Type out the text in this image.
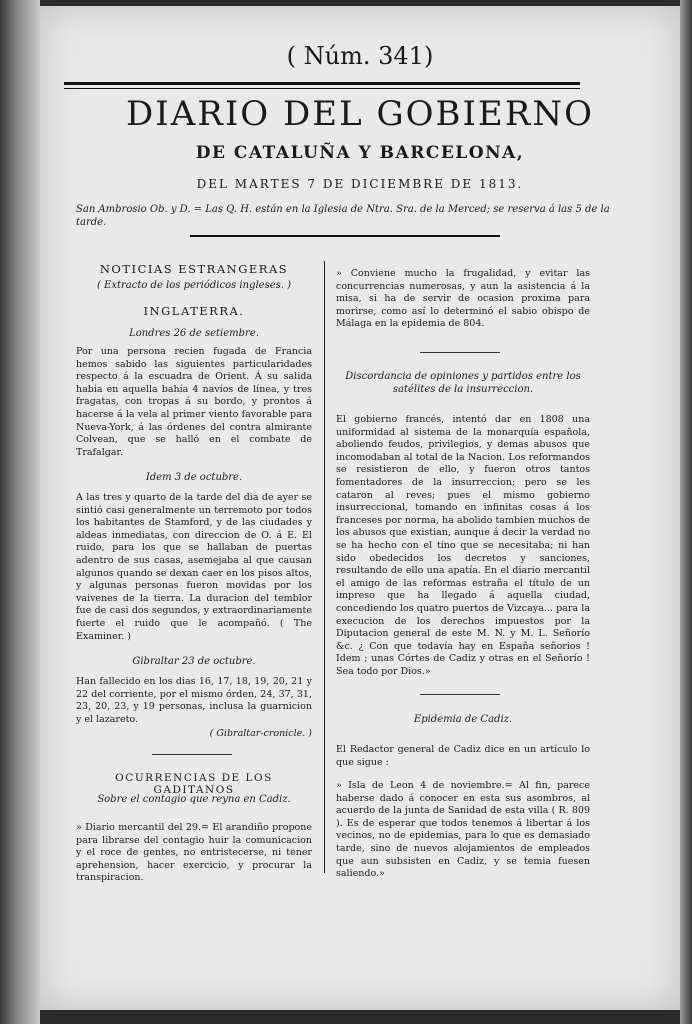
( Núm. 341)
DIARIO DEL GOBIERNO
DE CATALUÑA Y BARCELONA,
DEL MARTES 7 DE DICIEMBRE DE 1813.
San Ambrosio Ob. y D. = Las Q. H. están en la Iglesia de Ntra. Sra. de la Merced; se reserva á las 5 de la tarde.
NOTICIAS ESTRANGERAS
( Extracto de los periódicos ingleses. )
INGLATERRA.
Londres 26 de setiembre.
Por una persona recien fugada de Francia hemos sabido las siguientes particularidades respecto á la escuadra de Orient. Á su salida habia en aquella bahía 4 navíos de línea, y tres fragatas, con tropas á su bordo, y prontos á hacerse á la vela al primer viento favorable para Nueva-York, á las órdenes del contra almirante Colvean, que se halló en el combate de Trafalgar.
Idem 3 de octubre.
A las tres y quarto de la tarde del dia de ayer se sintió casi generalmente un terremoto por todos los habitantes de Stamford, y de las ciudades y aldeas inmediatas, con direccion de O. á E. El ruido, para los que se hallaban de puertas adentro de sus casas, asemejaba al que causan algunos quando se dexan caer en los pisos altos, y algunas personas fueron movidas por los vaivenes de la tierra. La duracion del temblor fue de casi dos segundos, y extraordinariamente fuerte el ruido que le acompañó. ( The Examiner. )
Gibraltar 23 de octubre.
Han fallecido en los dias 16, 17, 18, 19, 20, 21 y 22 del corriente, por el mismo órden, 24, 37, 31, 23, 20, 23, y 19 personas, inclusa la guarnicion y el lazareto.
( Gibraltar-cronicle. )
OCURRENCIAS DE LOS GADITANOS
Sobre el contagio que reyna en Cadiz.
» Diario mercantil del 29.= El arandiño propone para librarse del contagio huir la comunicacion y el roce de gentes, no entristecerse, ni tener aprehension, hacer exercicio, y procurar la transpiracion.
» Conviene mucho la frugalidad, y evitar las concurrencias numerosas, y aun la asistencia á la misa, si ha de servir de ocasion proxima para morirse, como así lo determinó el sabio obispo de Málaga en la epidemia de 804.
Discordancia de opiniones y partidos entre los satélites de la insurreccion.
El gobierno francés, intentó dar en 1808 una uniformidad al sistema de la monarquía española, aboliendo feudos, privilegios, y demas abusos que incomodaban al total de la Nacion. Los reformandos se resistieron de ello, y fueron otros tantos fomentadores de la insurreccion; pero se les cataron al reves; pues el mismo gobierno insurreccional, tomando en infinitas cosas á los franceses por norma, ha abolido tambien muchos de los abusos que existian, aunque á decir la verdad no se ha hecho con el tino que se necesitaba; ni han sido obedecidos los decretos y sanciones, resultando de ello una apatía. En el diario mercantil el amigo de las reformas estraña el título de un impreso que ha llegado á aquella ciudad, concediendo los quatro puertos de Vizcaya... para la execucion de los derechos impuestos por la Diputacion general de este M. N. y M. L. Señorío &c. ¿ Con que todavía hay en España señorios ! Idem ; unas Córtes de Cadiz y otras en el Señorío ! Sea todo por Dios.»
Epidemia de Cadiz.
El Redactor general de Cadiz dice en un artículo lo que sigue :
» Isla de Leon 4 de noviembre.= Al fin, parece haberse dado á conocer en esta sus asombros, al acuerdo de la junta de Sanidad de esta villa ( R. 809 ). Es de esperar que todos tenemos á libertar á los vecinos, no de epidemias, para lo que es demasiado tarde, sino de nuevos alojamientos de empleados que aun subsisten en Cadiz, y se temia fuesen saliendo.»
